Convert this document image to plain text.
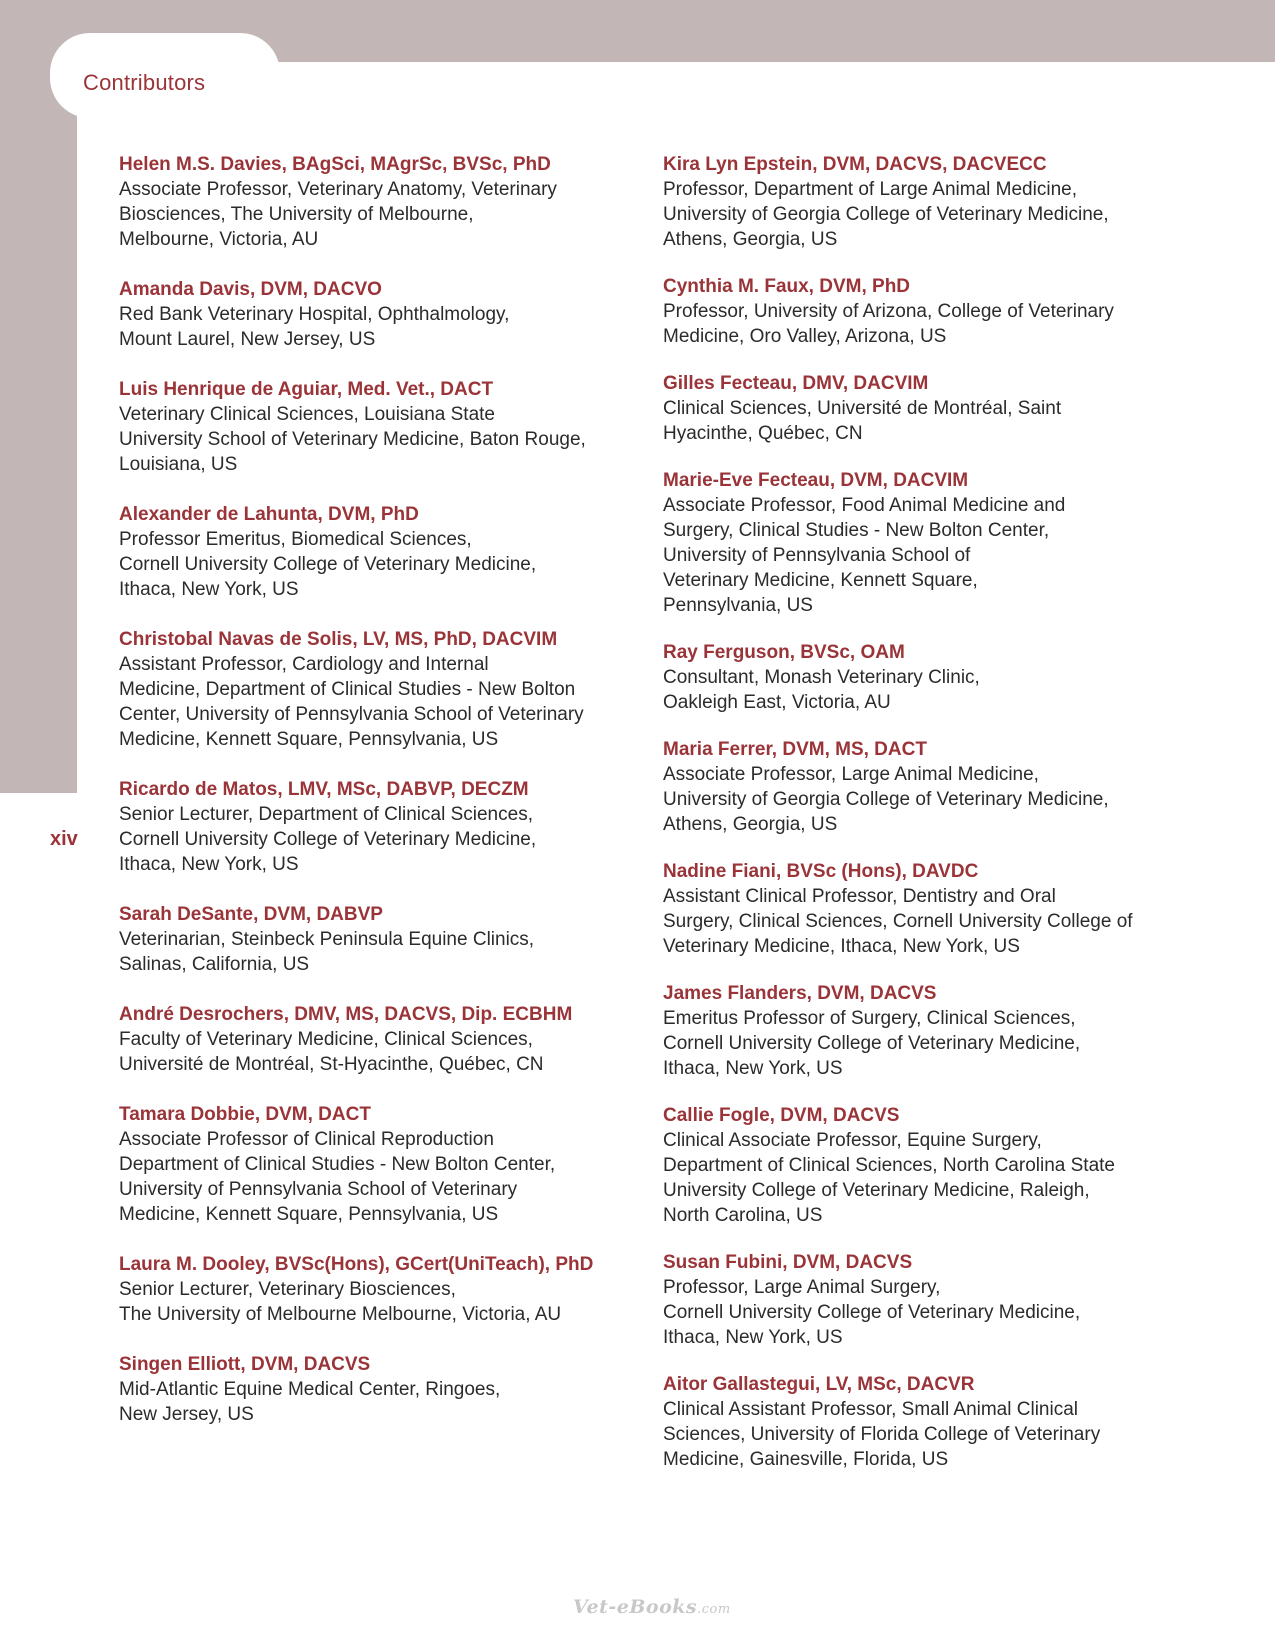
Contributors
xiv
Helen M.S. Davies, BAgSci, MAgrSc, BVSc, PhD
Associate Professor, Veterinary Anatomy, Veterinary
Biosciences, The University of Melbourne,
Melbourne, Victoria, AU
Amanda Davis, DVM, DACVO
Red Bank Veterinary Hospital, Ophthalmology,
Mount Laurel, New Jersey, US
Luis Henrique de Aguiar, Med. Vet., DACT
Veterinary Clinical Sciences, Louisiana State
University School of Veterinary Medicine, Baton Rouge,
Louisiana, US
Alexander de Lahunta, DVM, PhD
Professor Emeritus, Biomedical Sciences,
Cornell University College of Veterinary Medicine,
Ithaca, New York, US
Christobal Navas de Solis, LV, MS, PhD, DACVIM
Assistant Professor, Cardiology and Internal
Medicine, Department of Clinical Studies - New Bolton
Center, University of Pennsylvania School of Veterinary
Medicine, Kennett Square, Pennsylvania, US
Ricardo de Matos, LMV, MSc, DABVP, DECZM
Senior Lecturer, Department of Clinical Sciences,
Cornell University College of Veterinary Medicine,
Ithaca, New York, US
Sarah DeSante, DVM, DABVP
Veterinarian, Steinbeck Peninsula Equine Clinics,
Salinas, California, US
André Desrochers, DMV, MS, DACVS, Dip. ECBHM
Faculty of Veterinary Medicine, Clinical Sciences,
Université de Montréal, St-Hyacinthe, Québec, CN
Tamara Dobbie, DVM, DACT
Associate Professor of Clinical Reproduction
Department of Clinical Studies - New Bolton Center,
University of Pennsylvania School of Veterinary
Medicine, Kennett Square, Pennsylvania, US
Laura M. Dooley, BVSc(Hons), GCert(UniTeach), PhD
Senior Lecturer, Veterinary Biosciences,
The University of Melbourne Melbourne, Victoria, AU
Singen Elliott, DVM, DACVS
Mid-Atlantic Equine Medical Center, Ringoes,
New Jersey, US
Kira Lyn Epstein, DVM, DACVS, DACVECC
Professor, Department of Large Animal Medicine,
University of Georgia College of Veterinary Medicine,
Athens, Georgia, US
Cynthia M. Faux, DVM, PhD
Professor, University of Arizona, College of Veterinary
Medicine, Oro Valley, Arizona, US
Gilles Fecteau, DMV, DACVIM
Clinical Sciences, Université de Montréal, Saint
Hyacinthe, Québec, CN
Marie-Eve Fecteau, DVM, DACVIM
Associate Professor, Food Animal Medicine and
Surgery, Clinical Studies - New Bolton Center,
University of Pennsylvania School of
Veterinary Medicine, Kennett Square,
Pennsylvania, US
Ray Ferguson, BVSc, OAM
Consultant, Monash Veterinary Clinic,
Oakleigh East, Victoria, AU
Maria Ferrer, DVM, MS, DACT
Associate Professor, Large Animal Medicine,
University of Georgia College of Veterinary Medicine,
Athens, Georgia, US
Nadine Fiani, BVSc (Hons), DAVDC
Assistant Clinical Professor, Dentistry and Oral
Surgery, Clinical Sciences, Cornell University College of
Veterinary Medicine, Ithaca, New York, US
James Flanders, DVM, DACVS
Emeritus Professor of Surgery, Clinical Sciences,
Cornell University College of Veterinary Medicine,
Ithaca, New York, US
Callie Fogle, DVM, DACVS
Clinical Associate Professor, Equine Surgery,
Department of Clinical Sciences, North Carolina State
University College of Veterinary Medicine, Raleigh,
North Carolina, US
Susan Fubini, DVM, DACVS
Professor, Large Animal Surgery,
Cornell University College of Veterinary Medicine,
Ithaca, New York, US
Aitor Gallastegui, LV, MSc, DACVR
Clinical Assistant Professor, Small Animal Clinical
Sciences, University of Florida College of Veterinary
Medicine, Gainesville, Florida, US
Vet-eBooks.com
